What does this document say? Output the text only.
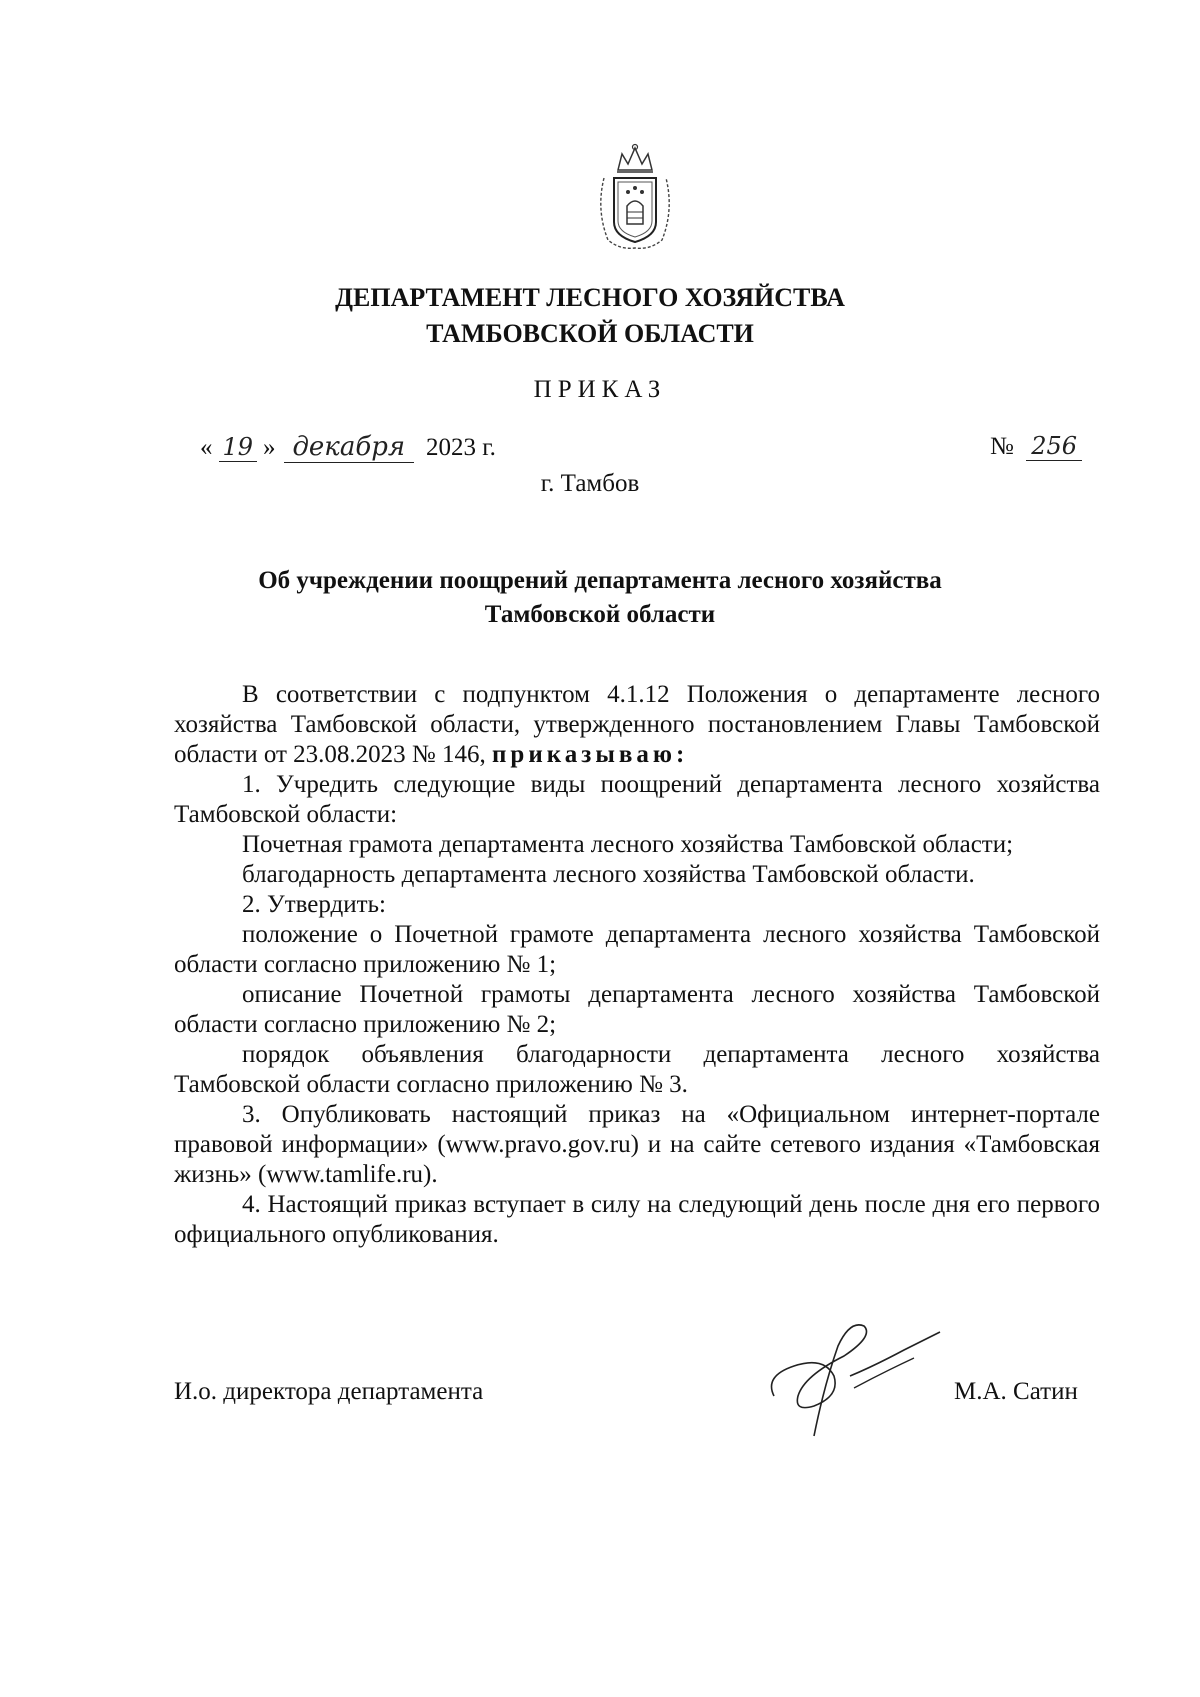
ДЕПАРТАМЕНТ ЛЕСНОГО ХОЗЯЙСТВА
ТАМБОВСКОЙ ОБЛАСТИ
ПРИКАЗ
« 19 » декабря 2023 г.	№ 256
г. Тамбов
Об учреждении поощрений департамента лесного хозяйства
Тамбовской области

В соответствии с подпунктом 4.1.12 Положения о департаменте лесного хозяйства Тамбовской области, утвержденного постановлением Главы Тамбовской области от 23.08.2023 № 146, приказываю:

1. Учредить следующие виды поощрений департамента лесного хозяйства Тамбовской области:

Почетная грамота департамента лесного хозяйства Тамбовской области;

благодарность департамента лесного хозяйства Тамбовской области.

2. Утвердить:

положение о Почетной грамоте департамента лесного хозяйства Тамбовской области согласно приложению № 1;

описание Почетной грамоты департамента лесного хозяйства Тамбовской области согласно приложению № 2;

порядок объявления благодарности департамента лесного хозяйства Тамбовской области согласно приложению № 3.

3. Опубликовать настоящий приказ на «Официальном интернет-портале правовой информации» (www.pravo.gov.ru) и на сайте сетевого издания «Тамбовская жизнь» (www.tamlife.ru).

4. Настоящий приказ вступает в силу на следующий день после дня его первого официального опубликования.

И.о. директора департамента	М.А. Сатин
